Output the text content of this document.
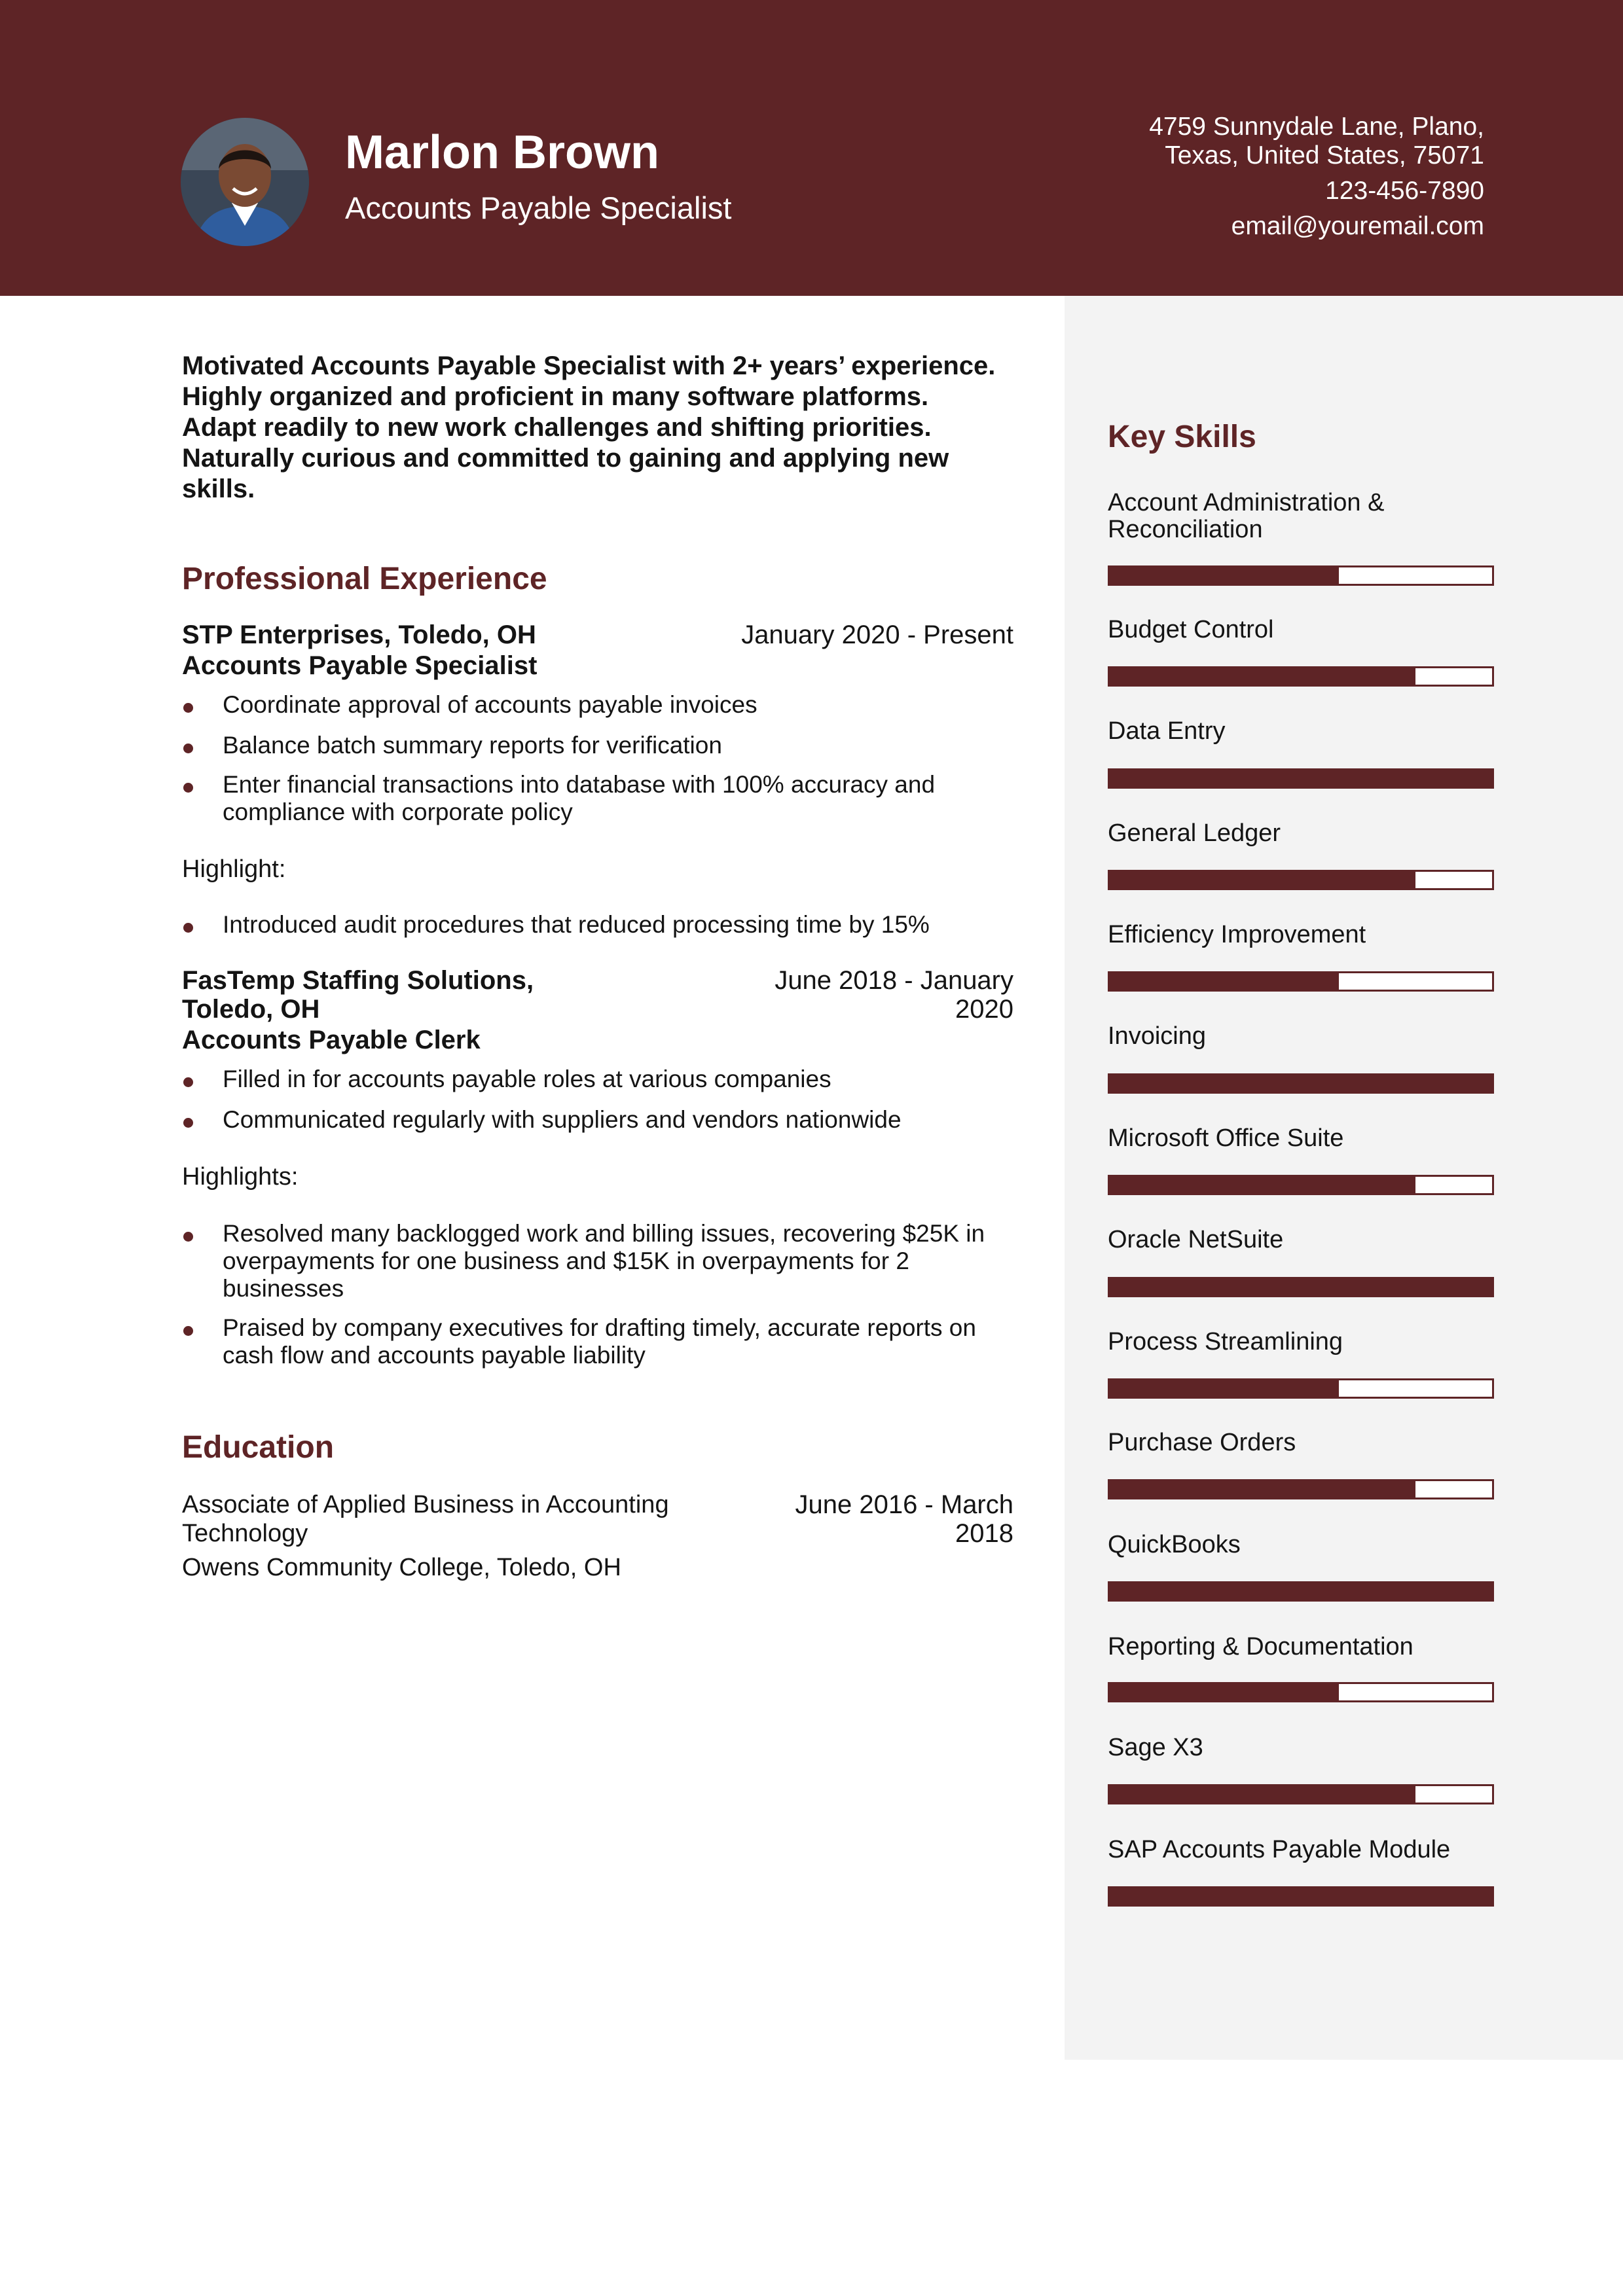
Marlon Brown
Accounts Payable Specialist
4759 Sunnydale Lane, Plano,
Texas, United States, 75071
123-456-7890
email@youremail.com
Motivated Accounts Payable Specialist with 2+ years’ experience.
Highly organized and proficient in many software platforms.
Adapt readily to new work challenges and shifting priorities.
Naturally curious and committed to gaining and applying new
skills.
Professional Experience
STP Enterprises, Toledo, OH	January 2020 - Present
Accounts Payable Specialist
Coordinate approval of accounts payable invoices
Balance batch summary reports for verification
Enter financial transactions into database with 100% accuracy and compliance with corporate policy
Highlight:
Introduced audit procedures that reduced processing time by 15%
FasTemp Staffing Solutions,
Toledo, OH
June 2018 - January
2020
Accounts Payable Clerk
Filled in for accounts payable roles at various companies
Communicated regularly with suppliers and vendors nationwide
Highlights:
Resolved many backlogged work and billing issues, recovering $25K in overpayments for one business and $15K in overpayments for 2 businesses
Praised by company executives for drafting timely, accurate reports on cash flow and accounts payable liability
Education
Associate of Applied Business in Accounting
Technology
June 2016 - March
2018
Owens Community College, Toledo, OH
Key Skills
Account Administration & Reconciliation
Budget Control
Data Entry
General Ledger
Efficiency Improvement
Invoicing
Microsoft Office Suite
Oracle NetSuite
Process Streamlining
Purchase Orders
QuickBooks
Reporting & Documentation
Sage X3
SAP Accounts Payable Module
